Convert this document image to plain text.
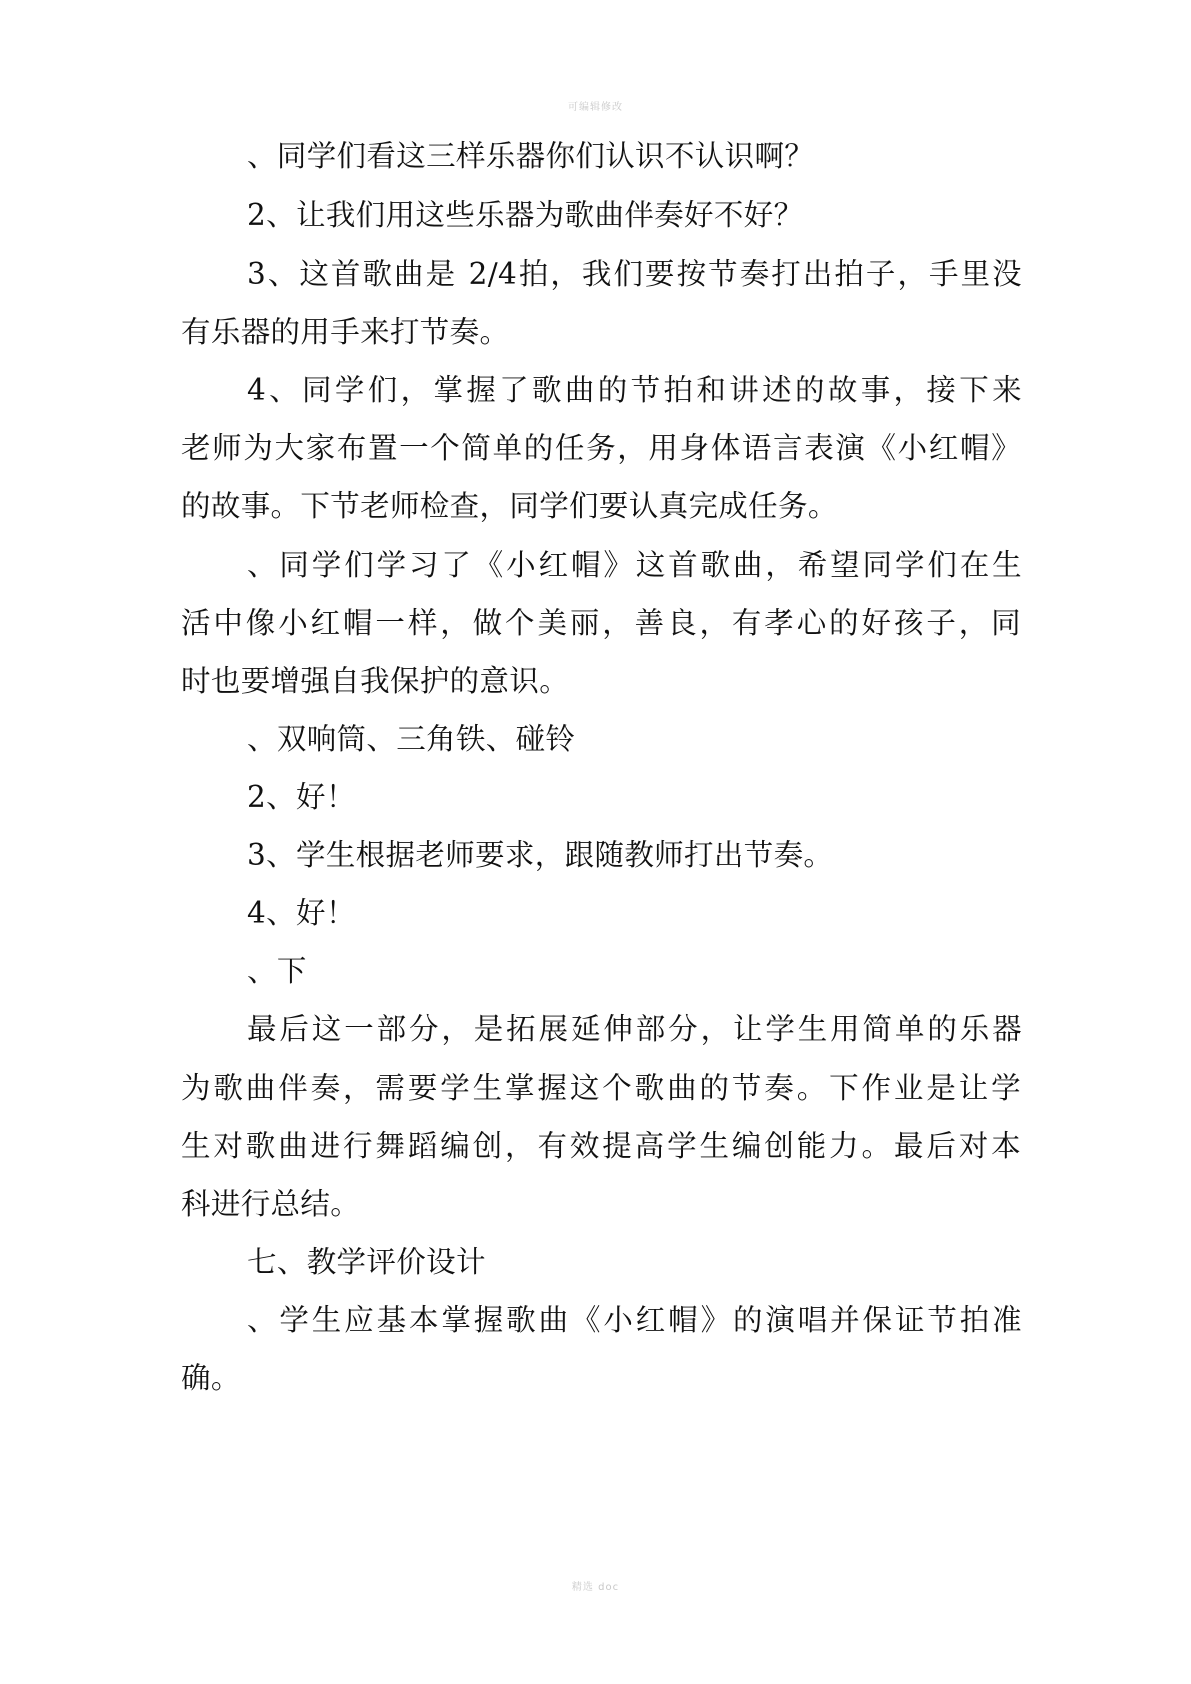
可编辑修改
、同学们看这三样乐器你们认识不认识啊？
2、让我们用这些乐器为歌曲伴奏好不好？
3、这首歌曲是 2/4拍，我们要按节奏打出拍子，手里没
有乐器的用手来打节奏。
4、同学们，掌握了歌曲的节拍和讲述的故事，接下来
老师为大家布置一个简单的任务，用身体语言表演《小红帽》
的故事。下节老师检查，同学们要认真完成任务。
、同学们学习了《小红帽》这首歌曲，希望同学们在生
活中像小红帽一样，做个美丽，善良，有孝心的好孩子，同
时也要增强自我保护的意识。
、双响筒、三角铁、碰铃
2、好！
3、学生根据老师要求，跟随教师打出节奏。
4、好！
、下
最后这一部分，是拓展延伸部分，让学生用简单的乐器
为歌曲伴奏，需要学生掌握这个歌曲的节奏。下作业是让学
生对歌曲进行舞蹈编创，有效提高学生编创能力。最后对本
科进行总结。
七、教学评价设计
、学生应基本掌握歌曲《小红帽》的演唱并保证节拍准
确。
精选 doc
